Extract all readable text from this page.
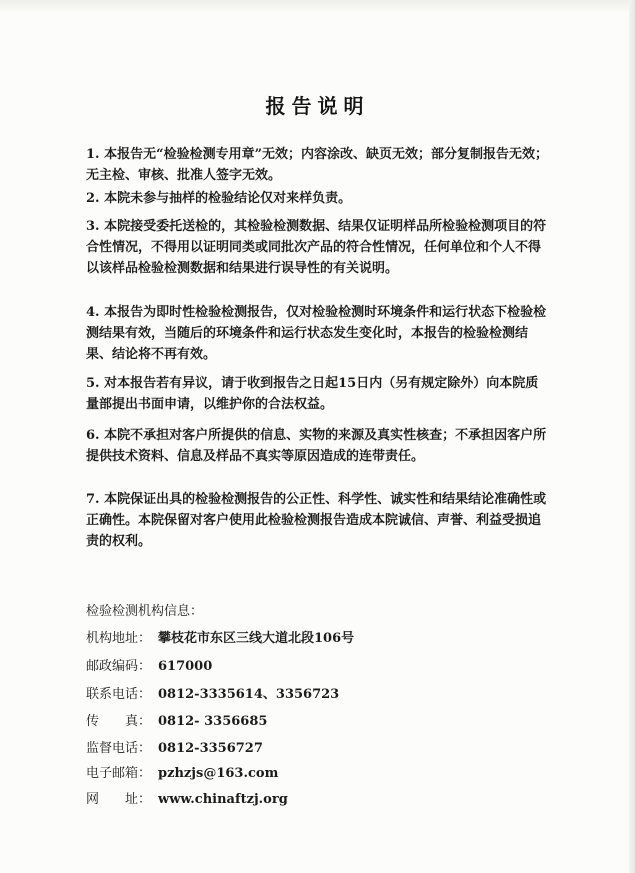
报告说明

1. 本报告无“检验检测专用章”无效；内容涂改、缺页无效；部分复制报告无效；无主检、审核、批准人签字无效。

2. 本院未参与抽样的检验结论仅对来样负责。

3. 本院接受委托送检的，其检验检测数据、结果仅证明样品所检验检测项目的符合性情况，不得用以证明同类或同批次产品的符合性情况，任何单位和个人不得以该样品检验检测数据和结果进行误导性的有关说明。

4. 本报告为即时性检验检测报告，仅对检验检测时环境条件和运行状态下检验检测结果有效，当随后的环境条件和运行状态发生变化时，本报告的检验检测结果、结论将不再有效。

5. 对本报告若有异议，请于收到报告之日起15日内（另有规定除外）向本院质量部提出书面申请，以维护你的合法权益。

6. 本院不承担对客户所提供的信息、实物的来源及真实性核查；不承担因客户所提供技术资料、信息及样品不真实等原因造成的连带责任。

7. 本院保证出具的检验检测报告的公正性、科学性、诚实性和结果结论准确性或正确性。本院保留对客户使用此检验检测报告造成本院诚信、声誉、利益受损追责的权利。

检验检测机构信息：
机构地址： 攀枝花市东区三线大道北段106号
邮政编码： 617000
联系电话： 0812-3335614、3356723
传　　真： 0812- 3356685
监督电话： 0812-3356727
电子邮箱： pzhzjs@163.com
网　　址： www.chinaftzj.org
